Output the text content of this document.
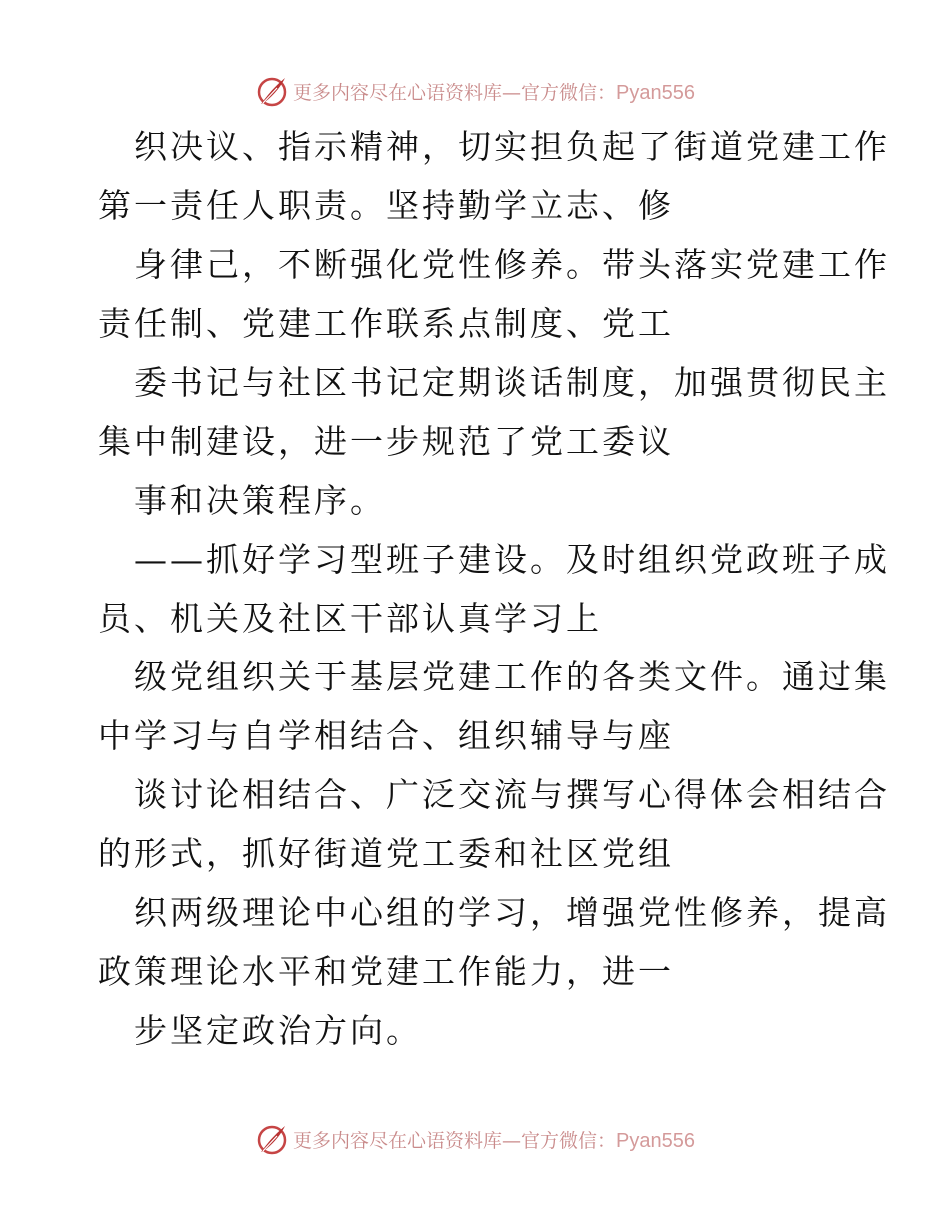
更多内容尽在心语资料库—官方微信：Pyan556
织决议、指示精神，切实担负起了街道党建工作
第一责任人职责。坚持勤学立志、修
身律己，不断强化党性修养。带头落实党建工作
责任制、党建工作联系点制度、党工
委书记与社区书记定期谈话制度，加强贯彻民主
集中制建设，进一步规范了党工委议
事和决策程序。
——抓好学习型班子建设。及时组织党政班子成
员、机关及社区干部认真学习上
级党组织关于基层党建工作的各类文件。通过集
中学习与自学相结合、组织辅导与座
谈讨论相结合、广泛交流与撰写心得体会相结合
的形式，抓好街道党工委和社区党组
织两级理论中心组的学习，增强党性修养，提高
政策理论水平和党建工作能力，进一
步坚定政治方向。
更多内容尽在心语资料库—官方微信：Pyan556
